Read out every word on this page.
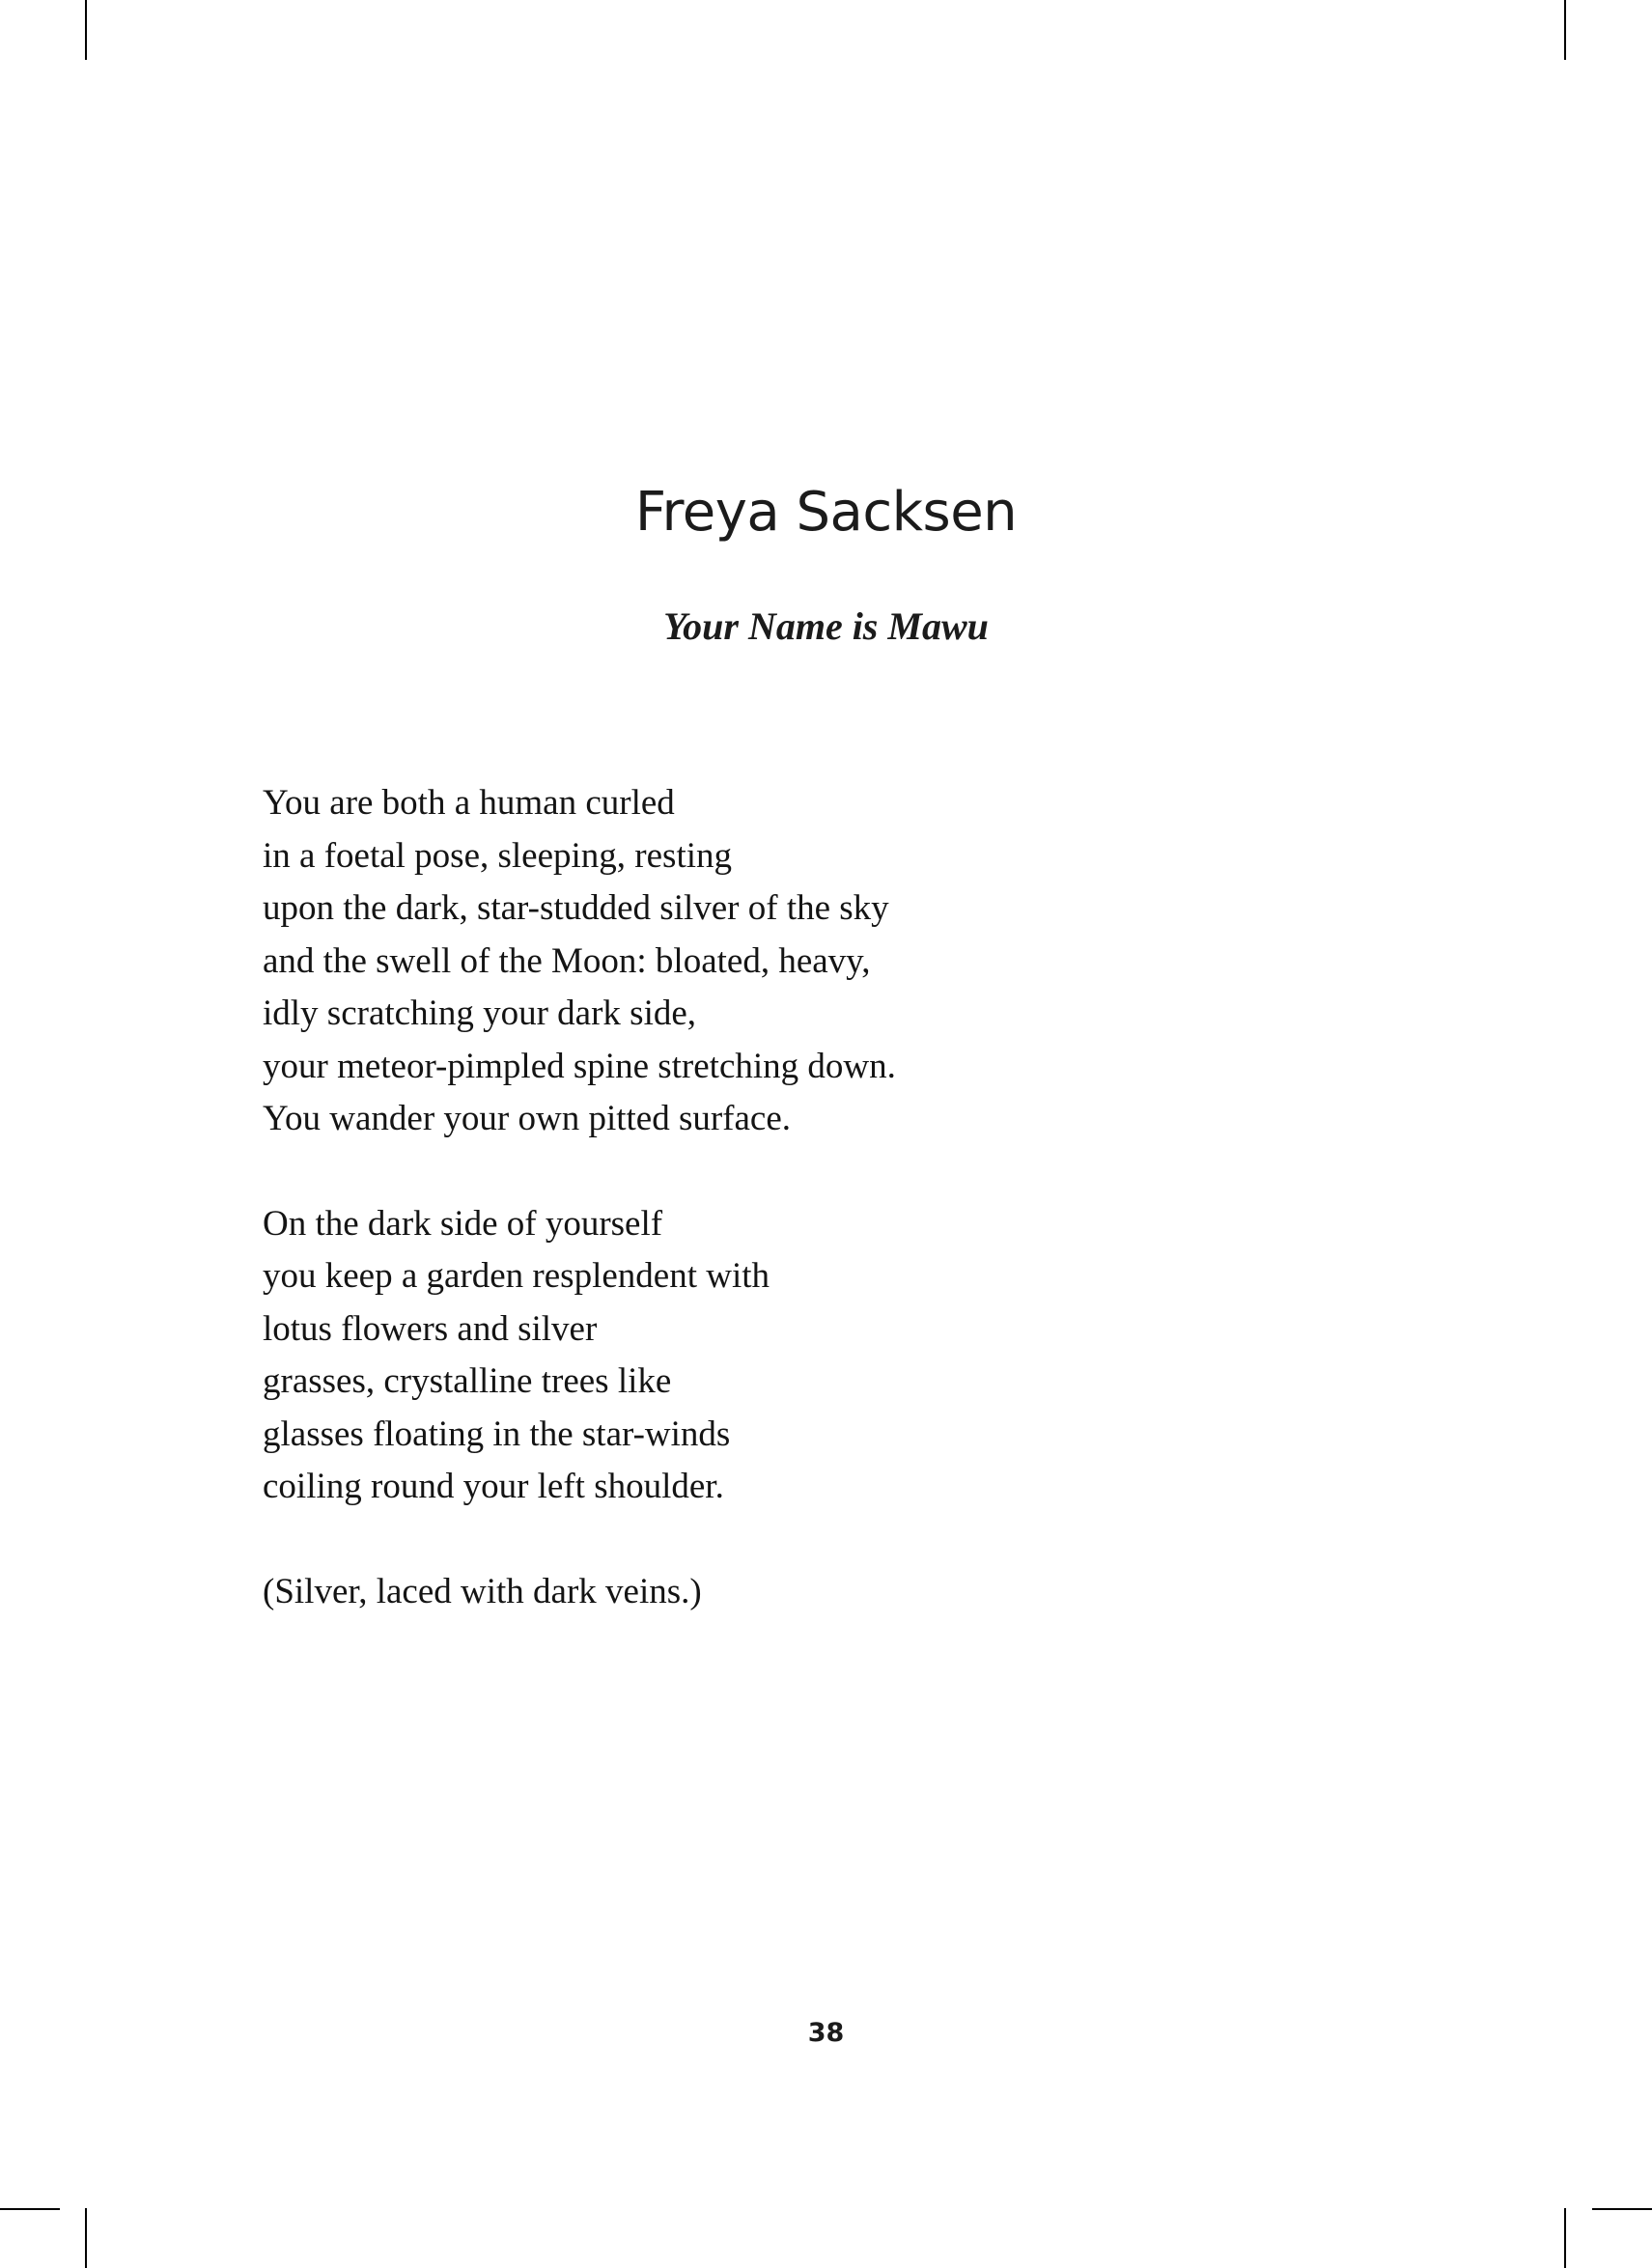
Freya Sacksen
Your Name is Mawu
You are both a human curled
in a foetal pose, sleeping, resting
upon the dark, star-studded silver of the sky
and the swell of the Moon: bloated, heavy,
idly scratching your dark side,
your meteor-pimpled spine stretching down.
You wander your own pitted surface.
On the dark side of yourself
you keep a garden resplendent with
lotus flowers and silver
grasses, crystalline trees like
glasses floating in the star-winds
coiling round your left shoulder.
(Silver, laced with dark veins.)
38
